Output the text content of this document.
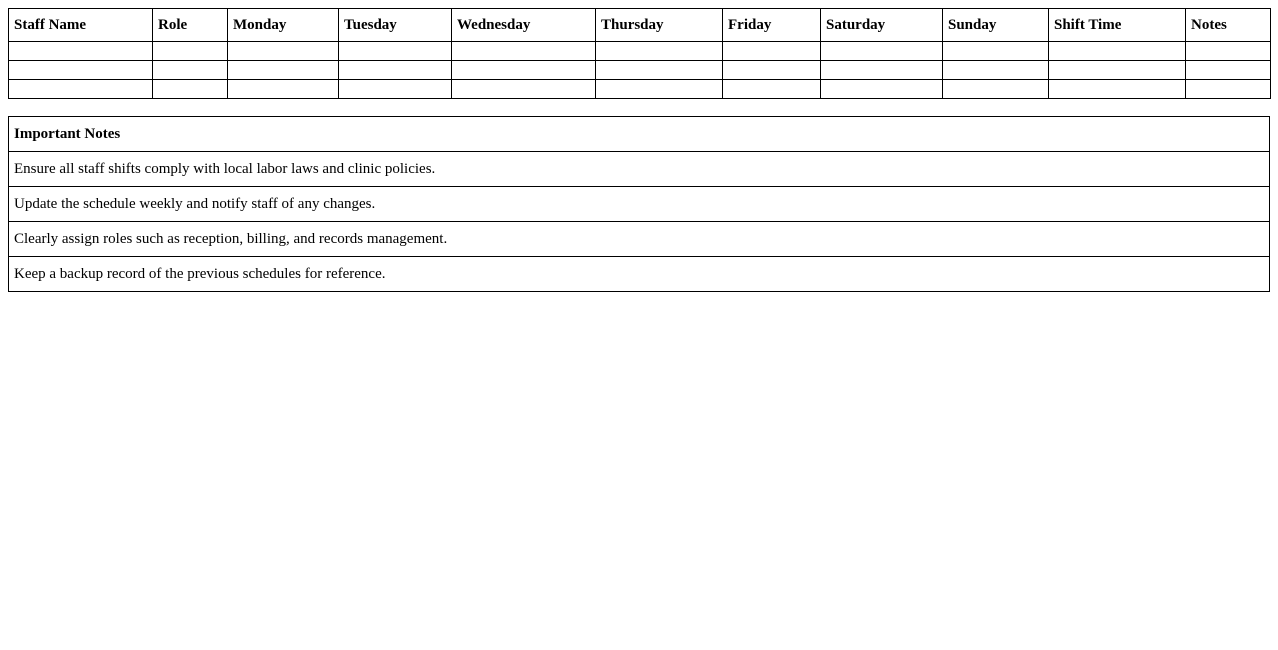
Staff Name	Role	Monday	Tuesday	Wednesday	Thursday	Friday	Saturday	Sunday	Shift Time	Notes

Important Notes
Ensure all staff shifts comply with local labor laws and clinic policies.
Update the schedule weekly and notify staff of any changes.
Clearly assign roles such as reception, billing, and records management.
Keep a backup record of the previous schedules for reference.
